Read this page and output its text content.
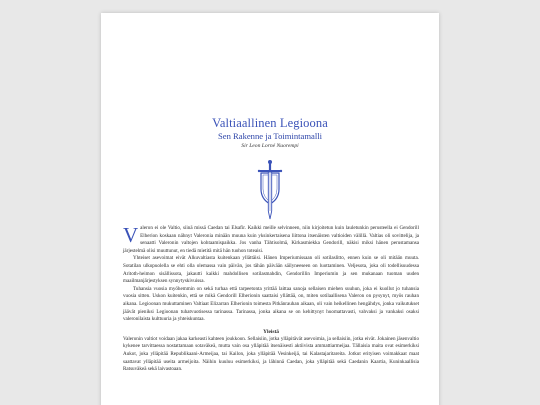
Valtiaallinen Legioona
Sen Rakenne ja Toimintamalli
Sir Leon Lorné Nuorempi

Valeron ei ole Valtio, siinä missä Caedan tai Elsafir. Kaikki meille selvinneen, niin kirjoitetun kuin lauletunkin perusteella ei Gendorill Elherion koskaan nähnyt Valeronia minään muuna kuin yksinkertaisena liittona itsenäisten valtioiden välillä. Valtias oli sovittelija, ja senaatti Valeronin valtojen kohtaamispaikka. Jos vanha Tähtisolmä, Kirkasmiekka Gendorill, näkisi miksi hänen perustamansa järjestelmä olisi muuttunut, en tiedä mietitä mitä hän tuohon toteaisi.

Yhteiset asevoimat eivät Alkuvaltiasta kuitenkaan yllättäisi. Hänen Imperiumissaan oli sotilaslitto, ennen kuin se oli mitään muuta. Sotatilan ulkopuolella se ehti olla olemassa vain päivän, jos tähän päivään säilyneeseen on luottaminen. Veljesota, joka oli todellisuudessa Aritoth-heimon sisällissota, jakautti kaikki mahdollisen sotilasmahdin, Gendorillin Imperiumin ja sen mukanaan tuoman uuden maailmanjärjestyksen synnytyskivuissa.

Tuhansia vuosia myöhemmin on sekä turhaa että tarpeetonta yrittää laittaa sanoja sellaisen miehen suuhun, joka ei kuollut jo tuhansia vuosia sitten. Uskon kuitenkin, että se mikä Gendorill Elherionin saattaisi yllättää, on, miten sotilaallisena Valeron on pysynyt, myös rauhan aikana. Legioonan mukuttaminen Valtiaat Elizarran Elherionin toimesta Pitkänrauhan aikaan, oli vain heikellinen hengähdys, jonka vaikutukset jäävät pieniksi Legioonan tuhatvuotisessa tarinassa. Tarinassa, jonka aikana se on kehittynyt huomattavasti, vahvaksi ja vankaksi osaksi valeronilaista kulttuuria ja yhteiskuntaa.

Yleistä

Valeronin valtiot voidaan jakaa karkeasti kahteen joukkoon. Sellaisiin, jotka ylläpitävät asevoimia, ja sellaisiin, jotka eivät. Jokainen jäsenvaltio kykenee tarvittaessa nostattamaan sotaväkeä, mutta vain osa ylläpitää itsenäisesti aktiivista ammattiarmeijaa. Tällaisia maita ovat esimerkiksi Aukot, joka ylläpitää Republikaani-Armeijaa, tai Kailon, joka ylläpitää Vesinkeijä, tai Kalastajaritareita. Jotkut erityisen voimakkaat maat saattavat ylläpitää useita armeijoita. Näihin kuuluu esimerkiksi, ja lähinnä Caedan, joka ylläpitää sekä Caedanin Kaartia, Kuninkaallisia Ratsuväkeä sekä laivastoaan.
